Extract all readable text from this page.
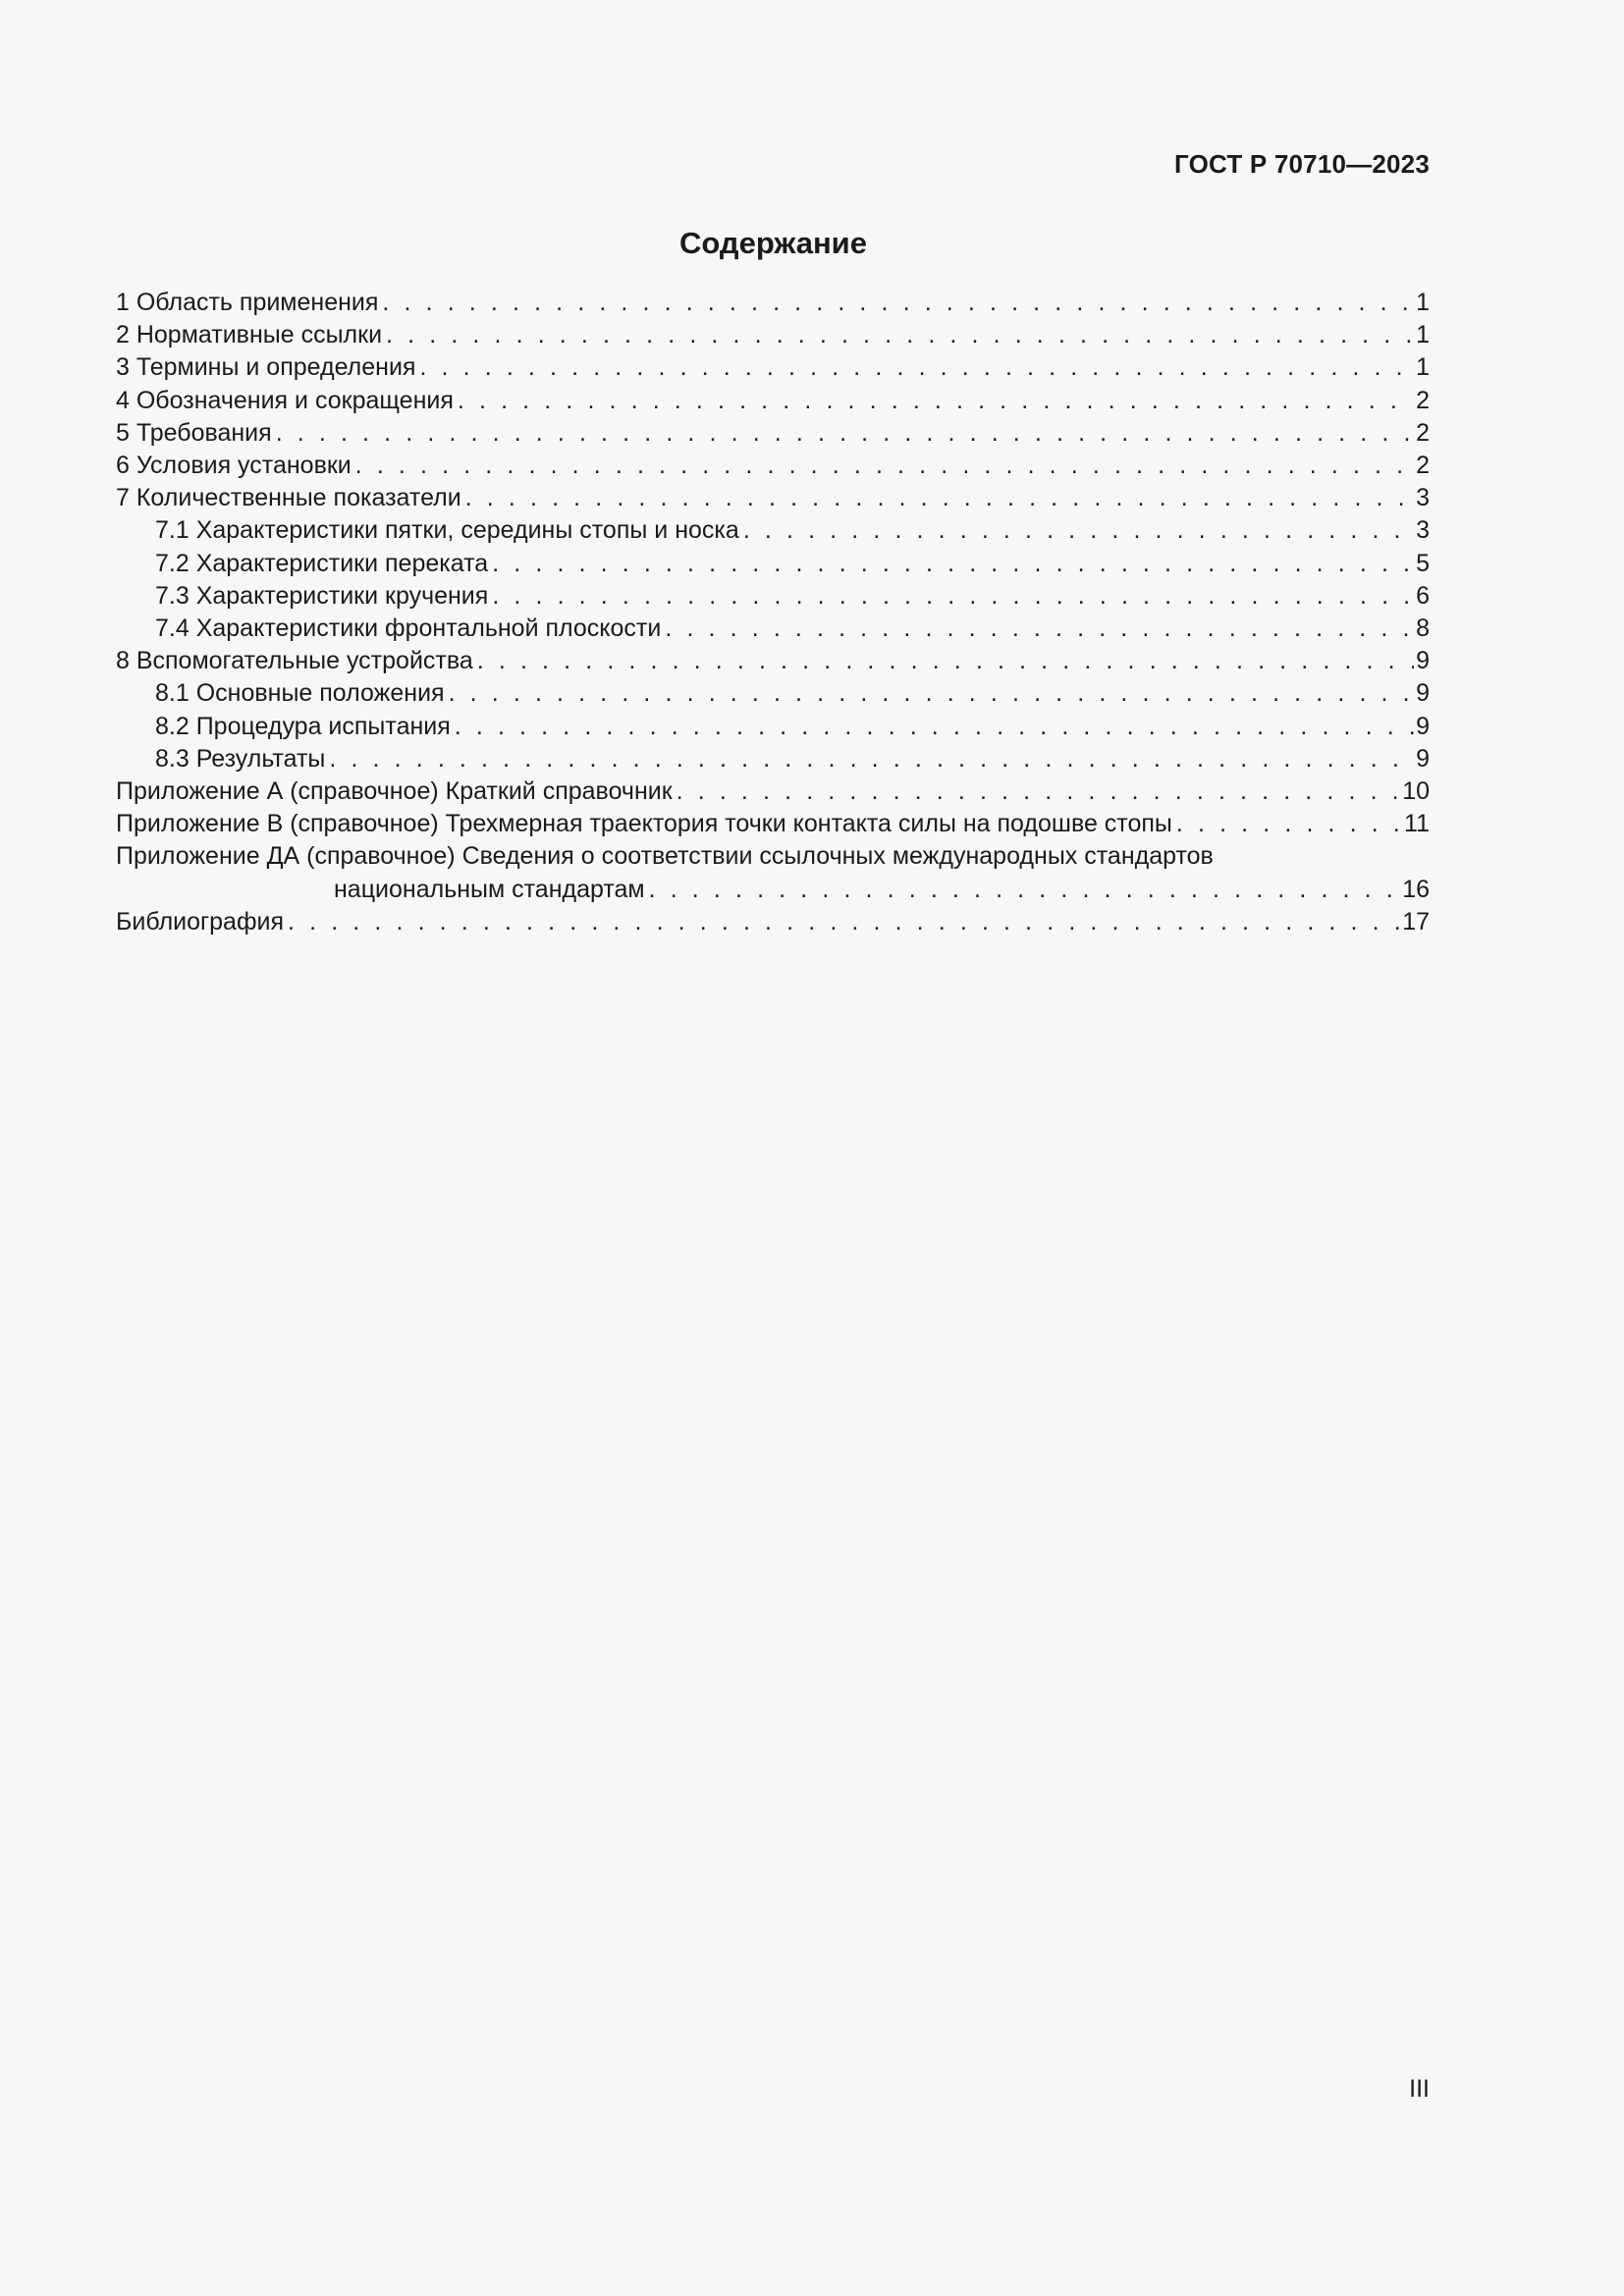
ГОСТ Р 70710—2023
Содержание
1 Область применения . . .	1
2 Нормативные ссылки . . .	1
3 Термины и определения . . .	1
4 Обозначения и сокращения . . .	2
5 Требования . . .	2
6 Условия установки . . .	2
7 Количественные показатели . . .	3
7.1 Характеристики пятки, середины стопы и носка . . .	3
7.2 Характеристики переката . . .	5
7.3 Характеристики кручения . . .	6
7.4 Характеристики фронтальной плоскости . . .	8
8 Вспомогательные устройства . . .	9
8.1 Основные положения . . .	9
8.2 Процедура испытания . . .	9
8.3 Результаты . . .	9
Приложение А (справочное) Краткий справочник . . .	10
Приложение В (справочное) Трехмерная траектория точки контакта силы на подошве стопы . . .	11
Приложение ДА (справочное) Сведения о соответствии ссылочных международных стандартов
национальным стандартам . . .	16
Библиография . . .	17
III
